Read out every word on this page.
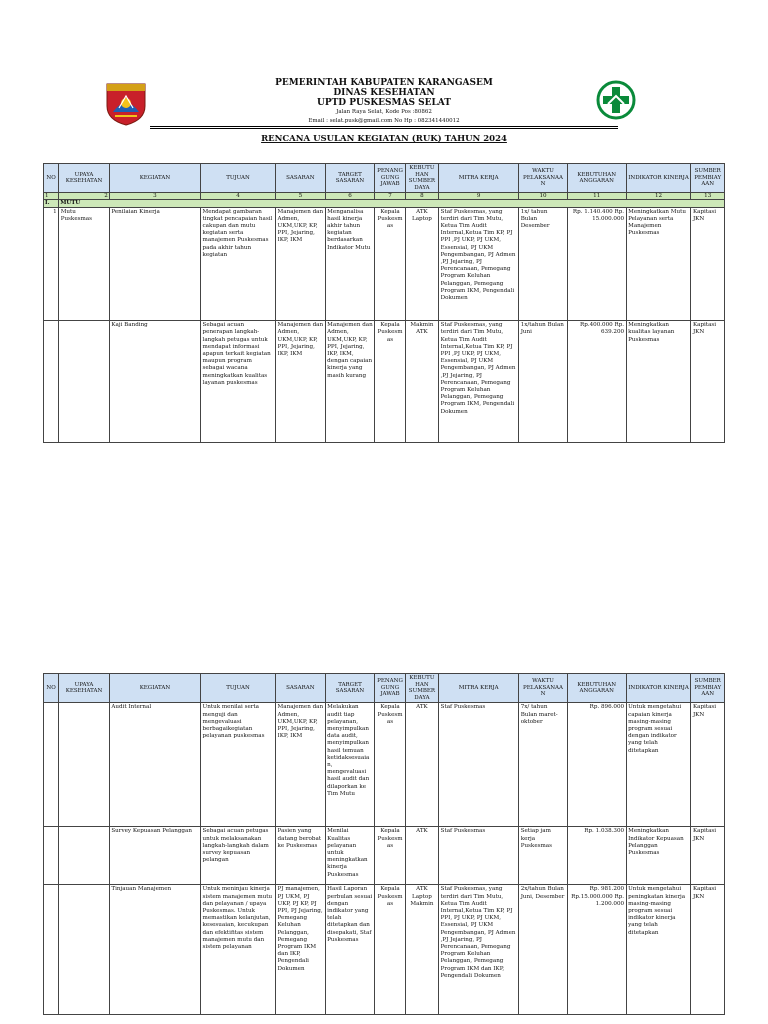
PEMERINTAH KABUPATEN KARANGASEM
DINAS KESEHATAN
UPTD PUSKESMAS SELAT
Jalan Raya Selat, Kode Pos :80862
Email : selat.pusk@gmail.com No Hp : 082341440012
RENCANA USULAN KEGIATAN (RUK) TAHUN 2024
NO	UPAYA KESEHATAN	KEGIATAN	TUJUAN	SASARAN	TARGET SASARAN	PENANG GUNG JAWAB	KEBUTUHAN SUMBER DAYA	MITRA KERJA	WAKTU PELAKSANAA N	KEBUTUHAN ANGGARAN	INDIKATOR KINERJA	SUMBER PEMBIAY AAN
1	2	3	4	5	6	7	8	9	10	11	12	13
I.	MUTU											
1	Mutu Puskesmas	Penilaian Kinerja	Mendapat gambaran tingkat pencapaian hasil cakupan dan mutu kegiatan serta manajemen Puskesmas pada akhir tahun kegiatan	Manajemen dan Admen, UKM,UKP, KP, PPI, Jejaring, IKP, IKM	Menganalisa hasil kinerja akhir tahun kegiatan berdasarkan Indikator Mutu	Kepala Puskesm as	ATK Laptop	Staf Puskesmas, yang terdiri dari Tim Mutu, Ketua Tim Audit Internal,Ketua Tim KP, PJ PPI ,PJ UKP, PJ UKM, Essensial, PJ UKM Pengembangan, PJ Admen ,PJ Jejaring, PJ Perencanaan, Pemegang Program Keluhan Pelanggan, Pemegang Program IKM, Pengendali Dokumen	1x/ tahun Bulan Desember	Rp. 1.140.400 Rp. 15.000.000	Meningkatkan Mutu Pelayanan serta Manajemen Puskesmas	Kapitasi JKN
		Kaji Banding	Sebagai acuan penerapan langkah-langkah petugas untuk mendapat informasi apapun terkait kegiatan maupun program sebagai wacana meningkatkan kualitas layanan puskesmas	Manajemen dan Admen, UKM,UKP, KP, PPI, Jejaring, IKP, IKM	Manajemen dan Admen, UKM,UKP, KP, PPI, Jejaring, IKP, IKM, dengan capaian kinerja yang masih kurang	Kepala Puskesm as	Makmin ATK	Staf Puskesmas, yang terdiri dari Tim Mutu, Ketua Tim Audit Internal,Ketua Tim KP, PJ PPI ,PJ UKP, PJ UKM, Essensial, PJ UKM Pengembangan, PJ Admen ,PJ Jejaring, PJ Perencanaan, Pemegang Program Keluhan Pelanggan, Pemegang Program IKM, Pengendali Dokumen	1x/tahun Bulan Juni	Rp.400.000 Rp. 639.200	Meningkatkan kualitas layanan Puskesmas	Kapitasi JKN
NO	UPAYA KESEHATAN	KEGIATAN	TUJUAN	SASARAN	TARGET SASARAN	PENANG GUNG JAWAB	KEBUTUHAN SUMBER DAYA	MITRA KERJA	WAKTU PELAKSANAA N	KEBUTUHAN ANGGARAN	INDIKATOR KINERJA	SUMBER PEMBIAY AAN
		Audit Internal	Untuk menilai serta menguji dan mengevaluasi berbagaikegiatan pelayanan puskesmas	Manajemen dan Admen, UKM,UKP, KP, PPI, Jejaring, IKP, IKM	Melakukan audit tiap pelayanan, menyimpulkan data audit, menyimpulkan hasil temuan ketidaksesuaian, mengevaluasi hasil audit dan dilaporkan ke Tim Mutu	Kepala Puskesm as	ATK	Staf Puskesmas	7x/ tahun Bulan maret-oktober	Rp. 896.000	Untuk mengetahui capaian kinerja masing-masing program sesuai dengan indikator yang telah ditetapkan	Kapitasi JKN
		Survey Kepuasan Pelanggan	Sebagai acuan petugas untuk melaksanakan langkah-langkah dalam survey kepuasan pelangan	Pasien yang datang berobat ke Puskesmas	Menilai Kualitas pelayanan untuk meningkatkan kinerja Puskesmas	Kepala Puskesm as	ATK	Staf Puskesmas	Setiap jam kerja Puskesmas	Rp. 1.038.300	Meningkatkan Indikator Kepuasan Pelanggan Puskesmas	Kapitasi JKN
		Tinjauan Manajemen	Untuk meninjau kinerja sistem manajemen mutu dan pelayanan / upaya Puskesmas. Untuk memastikan kelanjutan, kesesuaian, kecukupan dan efektifitas sistem manajemen mutu dan sistem pelayanan	PJ manajemen, PJ UKM, PJ UKP, PJ KP, PJ PPI, PJ Jejaring, Pemegang Keluhan Pelanggan, Pemegang Program IKM dan IKP, Pengendali Dokumen	Hasil Laporan perbulan sesuai dengan indikator yang telah ditetapkan dan disepakati, Staf Puskesmas	Kepala Puskesm as	ATK Laptop Makmin	Staf Puskesmas, yang terdiri dari Tim Mutu, Ketua Tim Audit Internal,Ketua Tim KP, PJ PPI, PJ UKP, PJ UKM, Essensial, PJ UKM Pengembangan, PJ Admen ,PJ Jejaring, PJ Perencanaan, Pemegang Program Keluhan Pelanggan, Pemegang Program IKM dan IKP, Pengendali Dokumen	2x/tahun Bulan Juni, Desember	Rp. 981.200 Rp.15.000.000 Rp. 1.200.000	Untuk mengetahui peningkatan kinerja masing-masing program sesuai indikator kinerja yang telah ditetapkan	Kapitasi JKN
